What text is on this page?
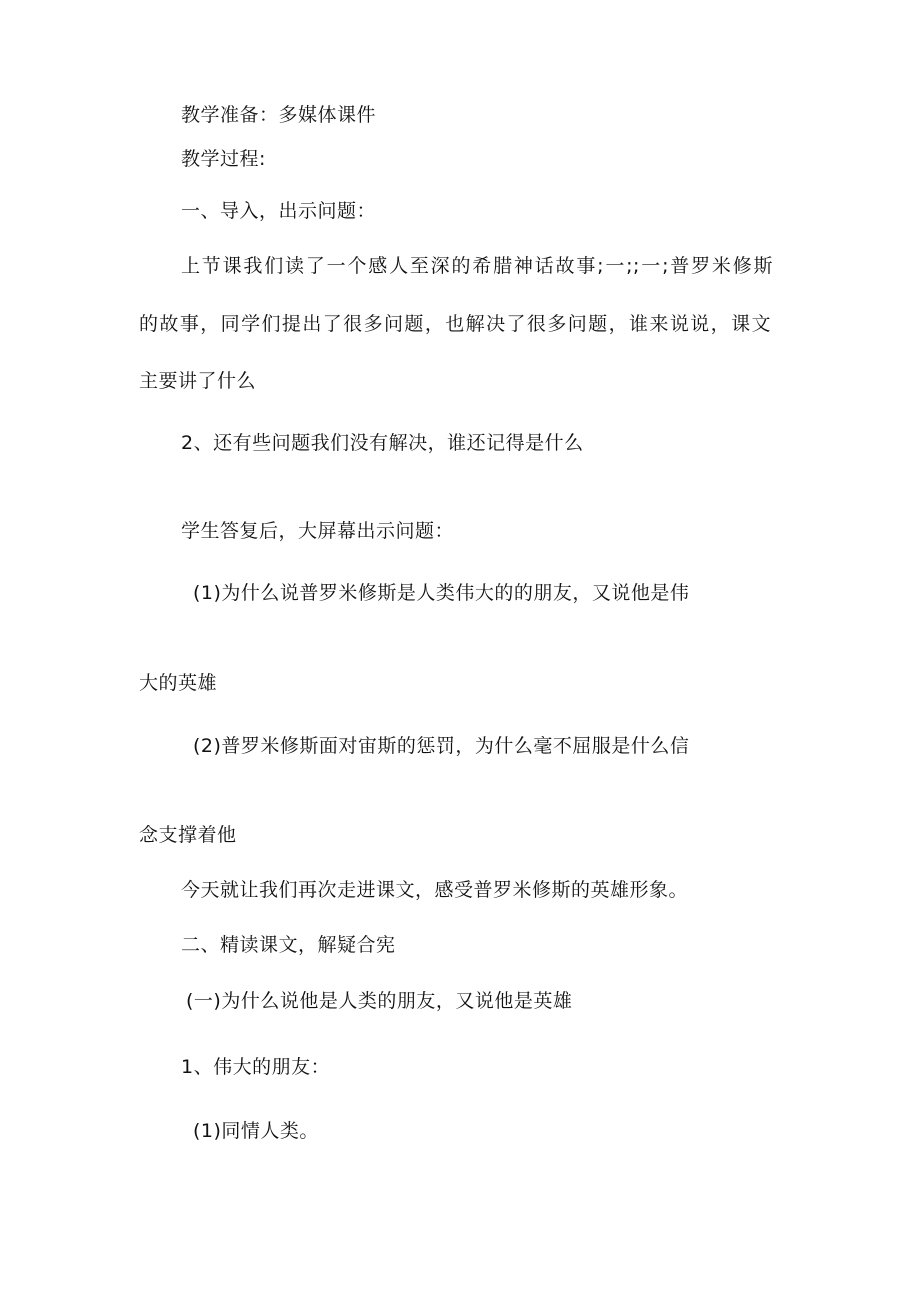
教学准备：多媒体课件
教学过程:
一、导入，出示问题：
上节课我们读了一个感人至深的希腊神话故事;一;;一;普罗米修斯
的故事，同学们提出了很多问题，也解决了很多问题，谁来说说，课文
主要讲了什么
2、还有些问题我们没有解决，谁还记得是什么
学生答复后，大屏幕出示问题：
(1)为什么说普罗米修斯是人类伟大的的朋友，又说他是伟
大的英雄
(2)普罗米修斯面对宙斯的惩罚，为什么毫不屈服是什么信
念支撑着他
今天就让我们再次走进课文，感受普罗米修斯的英雄形象。
二、精读课文，解疑合宪
(一)为什么说他是人类的朋友，又说他是英雄
1、伟大的朋友：
(1)同情人类。
